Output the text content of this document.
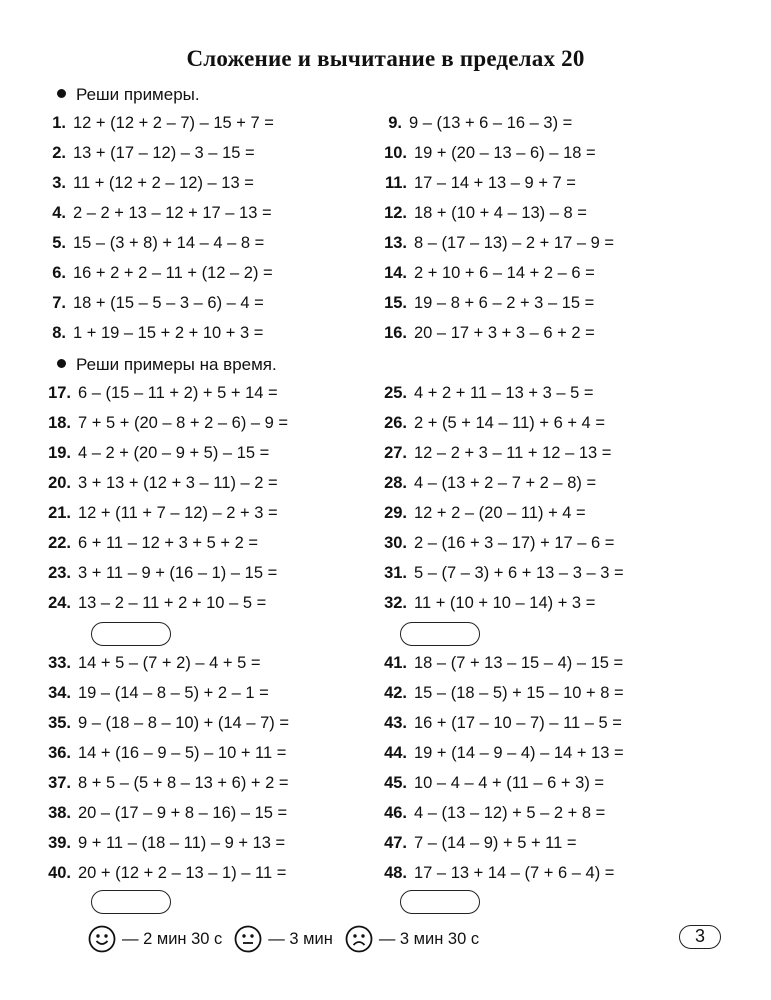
Сложение и вычитание в пределах 20
Реши примеры.
1. 12 + (12 + 2 – 7) – 15 + 7 =
2. 13 + (17 – 12) – 3 – 15 =
3. 11 + (12 + 2 – 12) – 13 =
4. 2 – 2 + 13 – 12 + 17 – 13 =
5. 15 – (3 + 8) + 14 – 4 – 8 =
6. 16 + 2 + 2 – 11 + (12 – 2) =
7. 18 + (15 – 5 – 3 – 6) – 4 =
8. 1 + 19 – 15 + 2 + 10 + 3 =
9. 9 – (13 + 6 – 16 – 3) =
10. 19 + (20 – 13 – 6) – 18 =
11. 17 – 14 + 13 – 9 + 7 =
12. 18 + (10 + 4 – 13) – 8 =
13. 8 – (17 – 13) – 2 + 17 – 9 =
14. 2 + 10 + 6 – 14 + 2 – 6 =
15. 19 – 8 + 6 – 2 + 3 – 15 =
16. 20 – 17 + 3 + 3 – 6 + 2 =
17. 6 – (15 – 11 + 2) + 5 + 14 =
18. 7 + 5 + (20 – 8 + 2 – 6) – 9 =
19. 4 – 2 + (20 – 9 + 5) – 15 =
20. 3 + 13 + (12 + 3 – 11) – 2 =
21. 12 + (11 + 7 – 12) – 2 + 3 =
22. 6 + 11 – 12 + 3 + 5 + 2 =
23. 3 + 11 – 9 + (16 – 1) – 15 =
24. 13 – 2 – 11 + 2 + 10 – 5 =
25. 4 + 2 + 11 – 13 + 3 – 5 =
26. 2 + (5 + 14 – 11) + 6 + 4 =
27. 12 – 2 + 3 – 11 + 12 – 13 =
28. 4 – (13 + 2 – 7 + 2 – 8) =
29. 12 + 2 – (20 – 11) + 4 =
30. 2 – (16 + 3 – 17) + 17 – 6 =
31. 5 – (7 – 3) + 6 + 13 – 3 – 3 =
32. 11 + (10 + 10 – 14) + 3 =
33. 14 + 5 – (7 + 2) – 4 + 5 =
34. 19 – (14 – 8 – 5) + 2 – 1 =
35. 9 – (18 – 8 – 10) + (14 – 7) =
36. 14 + (16 – 9 – 5) – 10 + 11 =
37. 8 + 5 – (5 + 8 – 13 + 6) + 2 =
38. 20 – (17 – 9 + 8 – 16) – 15 =
39. 9 + 11 – (18 – 11) – 9 + 13 =
40. 20 + (12 + 2 – 13 – 1) – 11 =
41. 18 – (7 + 13 – 15 – 4) – 15 =
42. 15 – (18 – 5) + 15 – 10 + 8 =
43. 16 + (17 – 10 – 7) – 11 – 5 =
44. 19 + (14 – 9 – 4) – 14 + 13 =
45. 10 – 4 – 4 + (11 – 6 + 3) =
46. 4 – (13 – 12) + 5 – 2 + 8 =
47. 7 – (14 – 9) + 5 + 11 =
48. 17 – 13 + 14 – (7 + 6 – 4) =
Реши примеры на время.
— 2 мин 30 с	— 3 мин	— 3 мин 30 с	3
